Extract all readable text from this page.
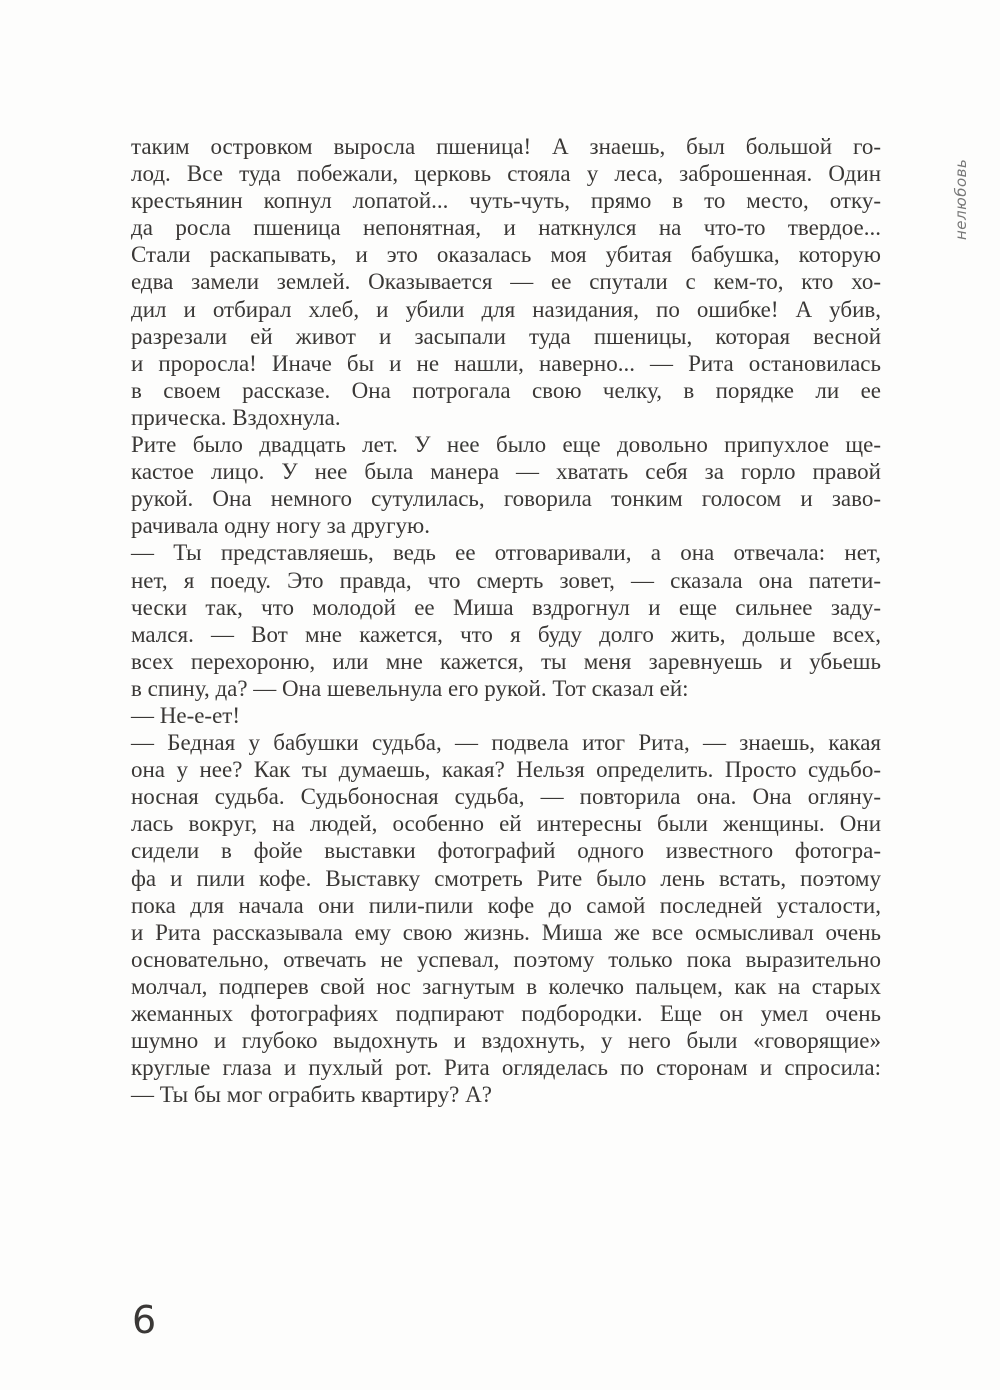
нелюбовь
таким островком выросла пшеница! А знаешь, был большой го-
лод. Все туда побежали, церковь стояла у леса, заброшенная. Один
крестьянин копнул лопатой... чуть-чуть, прямо в то место, отку-
да росла пшеница непонятная, и наткнулся на что-то твердое...
Стали раскапывать, и это оказалась моя убитая бабушка, которую
едва замели землей. Оказывается — ее спутали с кем-то, кто хо-
дил и отбирал хлеб, и убили для назидания, по ошибке! А убив,
разрезали ей живот и засыпали туда пшеницы, которая весной
и проросла! Иначе бы и не нашли, наверно... — Рита остановилась
в своем рассказе. Она потрогала свою челку, в порядке ли ее
прическа. Вздохнула.
Рите было двадцать лет. У нее было еще довольно припухлое ще-
кастое лицо. У нее была манера — хватать себя за горло правой
рукой. Она немного сутулилась, говорила тонким голосом и заво-
рачивала одну ногу за другую.
— Ты представляешь, ведь ее отговаривали, а она отвечала: нет,
нет, я поеду. Это правда, что смерть зовет, — сказала она патети-
чески так, что молодой ее Миша вздрогнул и еще сильнее заду-
мался. — Вот мне кажется, что я буду долго жить, дольше всех,
всех перехороню, или мне кажется, ты меня заревнуешь и убьешь
в спину, да? — Она шевельнула его рукой. Тот сказал ей:
— Не-е-ет!
— Бедная у бабушки судьба, — подвела итог Рита, — знаешь, какая
она у нее? Как ты думаешь, какая? Нельзя определить. Просто судьбо-
носная судьба. Судьбоносная судьба, — повторила она. Она огляну-
лась вокруг, на людей, особенно ей интересны были женщины. Они
сидели в фойе выставки фотографий одного известного фотогра-
фа и пили кофе. Выставку смотреть Рите было лень встать, поэтому
пока для начала они пили-пили кофе до самой последней усталости,
и Рита рассказывала ему свою жизнь. Миша же все осмысливал очень
основательно, отвечать не успевал, поэтому только пока выразительно
молчал, подперев свой нос загнутым в колечко пальцем, как на старых
жеманных фотографиях подпирают подбородки. Еще он умел очень
шумно и глубоко выдохнуть и вздохнуть, у него были «говорящие»
круглые глаза и пухлый рот. Рита огляделась по сторонам и спросила:
— Ты бы мог ограбить квартиру? А?
6
